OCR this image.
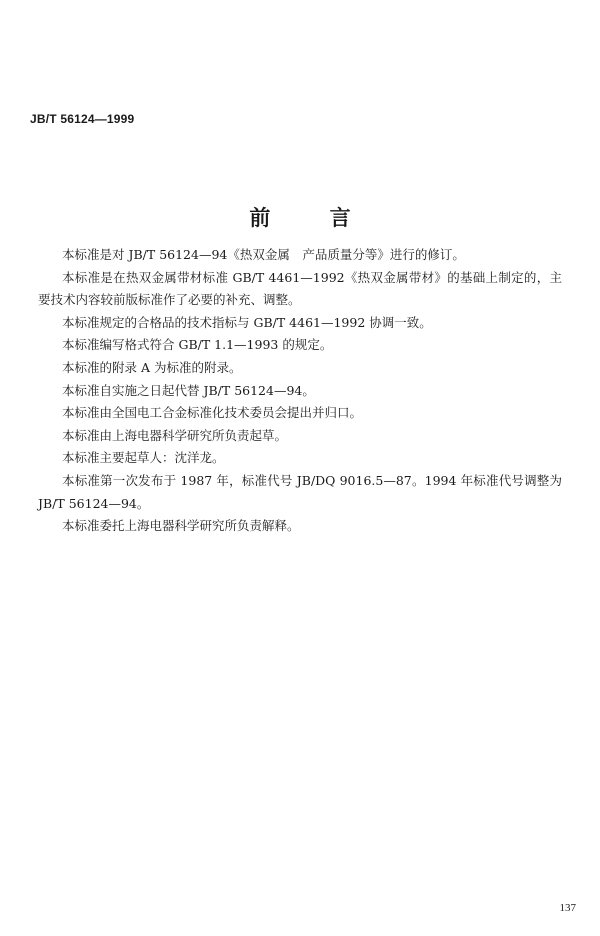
JB/T 56124—1999
前 言

本标准是对 JB/T 56124—94《热双金属　产品质量分等》进行的修订。

本标准是在热双金属带材标准 GB/T 4461—1992《热双金属带材》的基础上制定的，主要技术内容较前版标准作了必要的补充、调整。

本标准规定的合格品的技术指标与 GB/T 4461—1992 协调一致。

本标准编写格式符合 GB/T 1.1—1993 的规定。

本标准的附录 A 为标准的附录。

本标准自实施之日起代替 JB/T 56124—94。

本标准由全国电工合金标准化技术委员会提出并归口。

本标准由上海电器科学研究所负责起草。

本标准主要起草人：沈洋龙。

本标准第一次发布于 1987 年，标准代号 JB/DQ 9016.5—87。1994 年标准代号调整为 JB/T 56124—94。

本标准委托上海电器科学研究所负责解释。

137
